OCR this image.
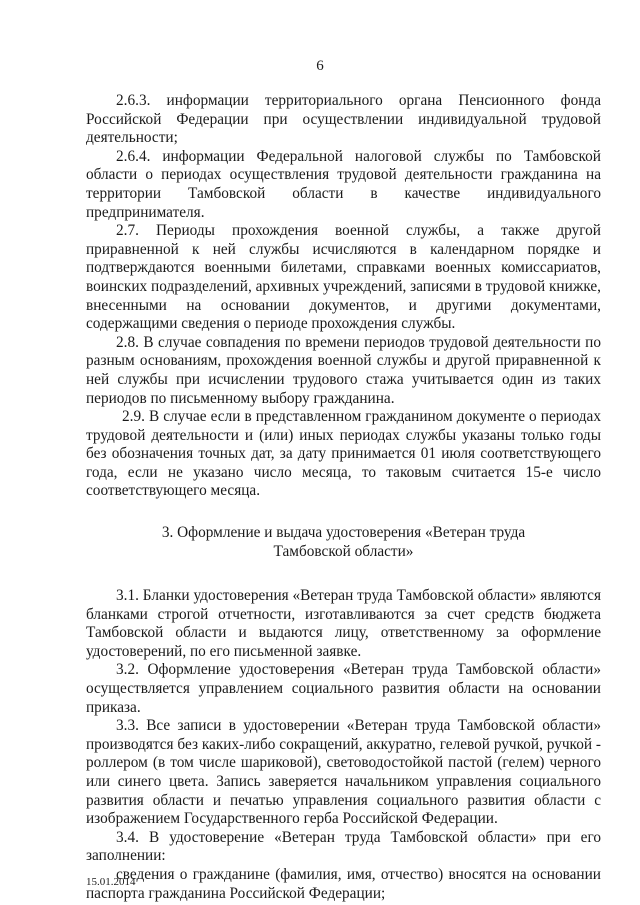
6

2.6.3. информации территориального органа Пенсионного фонда Российской Федерации при осуществлении индивидуальной трудовой деятельности;

2.6.4. информации Федеральной налоговой службы по Тамбовской области о периодах осуществления трудовой деятельности гражданина на территории Тамбовской области в качестве индивидуального предпринимателя.

2.7. Периоды прохождения военной службы, а также другой приравненной к ней службы исчисляются в календарном порядке и подтверждаются военными билетами, справками военных комиссариатов, воинских подразделений, архивных учреждений, записями в трудовой книжке, внесенными на основании документов, и другими документами, содержащими сведения о периоде прохождения службы.

2.8. В случае совпадения по времени периодов трудовой деятельности по разным основаниям, прохождения военной службы и другой приравненной к ней службы при исчислении трудового стажа учитывается один из таких периодов по письменному выбору гражданина.

2.9. В случае если в представленном гражданином документе о периодах трудовой деятельности и (или) иных периодах службы указаны только годы без обозначения точных дат, за дату принимается 01 июля соответствующего года, если не указано число месяца, то таковым считается 15-е число соответствующего месяца.

3. Оформление и выдача удостоверения «Ветеран труда
Тамбовской области»

3.1. Бланки удостоверения «Ветеран труда Тамбовской области» являются бланками строгой отчетности, изготавливаются за счет средств бюджета Тамбовской области и выдаются лицу, ответственному за оформление удостоверений, по его письменной заявке.

3.2. Оформление удостоверения «Ветеран труда Тамбовской области» осуществляется управлением социального развития области на основании приказа.

3.3. Все записи в удостоверении «Ветеран труда Тамбовской области» производятся без каких-либо сокращений, аккуратно, гелевой ручкой, ручкой - роллером (в том числе шариковой), световодостойкой пастой (гелем) черного или синего цвета. Запись заверяется начальником управления социального развития области и печатью управления социального развития области с изображением Государственного герба Российской Федерации.

3.4. В удостоверение «Ветеран труда Тамбовской области» при его заполнении:

сведения о гражданине (фамилия, имя, отчество) вносятся на основании паспорта гражданина Российской Федерации;

15.01.2014
